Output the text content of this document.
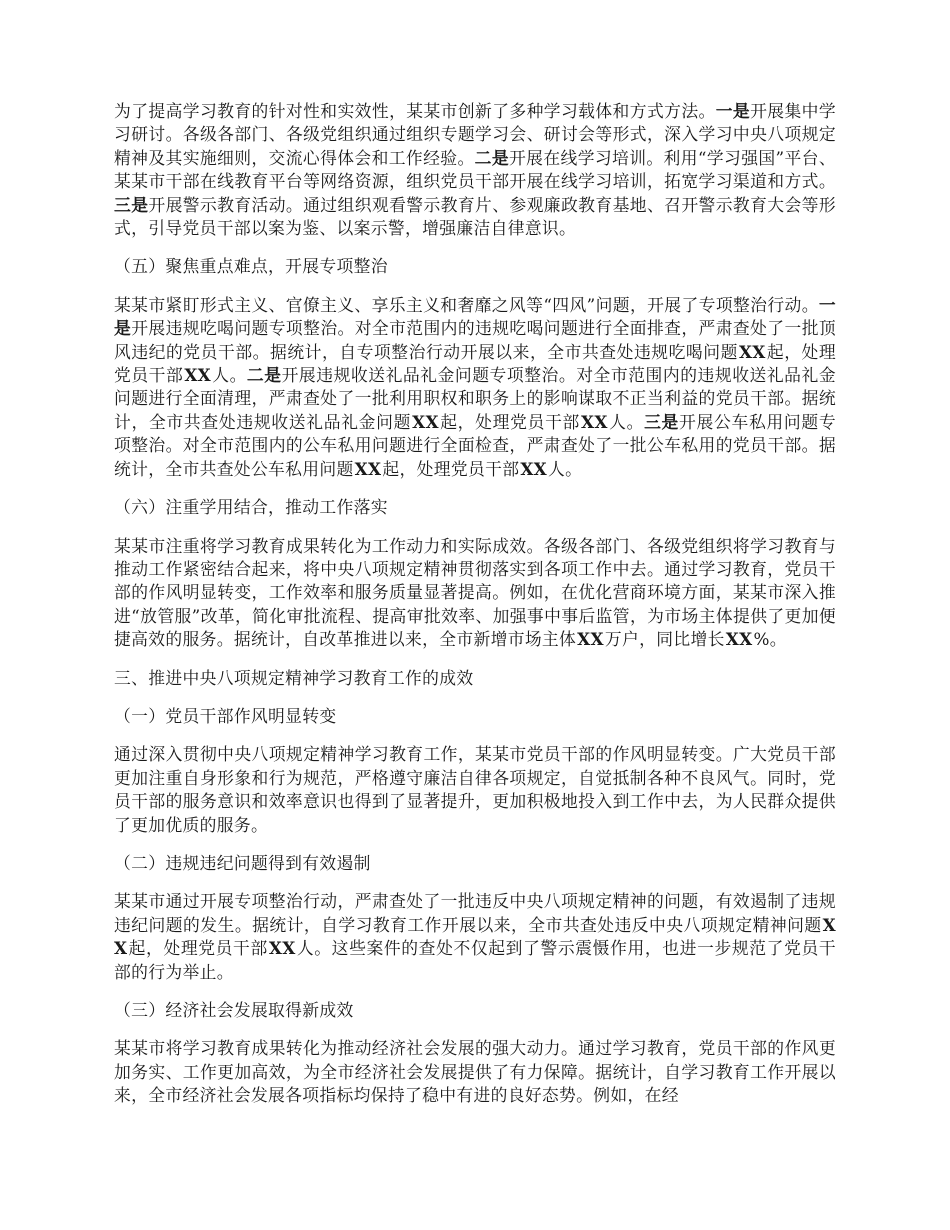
为了提高学习教育的针对性和实效性，某某市创新了多种学习载体和方式方法。一是开展集中学习研讨。各级各部门、各级党组织通过组织专题学习会、研讨会等形式，深入学习中央八项规定精神及其实施细则，交流心得体会和工作经验。二是开展在线学习培训。利用“学习强国”平台、某某市干部在线教育平台等网络资源，组织党员干部开展在线学习培训，拓宽学习渠道和方式。三是开展警示教育活动。通过组织观看警示教育片、参观廉政教育基地、召开警示教育大会等形式，引导党员干部以案为鉴、以案示警，增强廉洁自律意识。

（五）聚焦重点难点，开展专项整治

某某市紧盯形式主义、官僚主义、享乐主义和奢靡之风等“四风”问题，开展了专项整治行动。一是开展违规吃喝问题专项整治。对全市范围内的违规吃喝问题进行全面排查，严肃查处了一批顶风违纪的党员干部。据统计，自专项整治行动开展以来，全市共查处违规吃喝问题XX起，处理党员干部XX人。二是开展违规收送礼品礼金问题专项整治。对全市范围内的违规收送礼品礼金问题进行全面清理，严肃查处了一批利用职权和职务上的影响谋取不正当利益的党员干部。据统计，全市共查处违规收送礼品礼金问题XX起，处理党员干部XX人。三是开展公车私用问题专项整治。对全市范围内的公车私用问题进行全面检查，严肃查处了一批公车私用的党员干部。据统计，全市共查处公车私用问题XX起，处理党员干部XX人。

（六）注重学用结合，推动工作落实

某某市注重将学习教育成果转化为工作动力和实际成效。各级各部门、各级党组织将学习教育与推动工作紧密结合起来，将中央八项规定精神贯彻落实到各项工作中去。通过学习教育，党员干部的作风明显转变，工作效率和服务质量显著提高。例如，在优化营商环境方面，某某市深入推进“放管服”改革，简化审批流程、提高审批效率、加强事中事后监管，为市场主体提供了更加便捷高效的服务。据统计，自改革推进以来，全市新增市场主体XX万户，同比增长XX%。

三、推进中央八项规定精神学习教育工作的成效
（一）党员干部作风明显转变

通过深入贯彻中央八项规定精神学习教育工作，某某市党员干部的作风明显转变。广大党员干部更加注重自身形象和行为规范，严格遵守廉洁自律各项规定，自觉抵制各种不良风气。同时，党员干部的服务意识和效率意识也得到了显著提升，更加积极地投入到工作中去，为人民群众提供了更加优质的服务。

（二）违规违纪问题得到有效遏制

某某市通过开展专项整治行动，严肃查处了一批违反中央八项规定精神的问题，有效遏制了违规违纪问题的发生。据统计，自学习教育工作开展以来，全市共查处违反中央八项规定精神问题XX起，处理党员干部XX人。这些案件的查处不仅起到了警示震慑作用，也进一步规范了党员干部的行为举止。

（三）经济社会发展取得新成效

某某市将学习教育成果转化为推动经济社会发展的强大动力。通过学习教育，党员干部的作风更加务实、工作更加高效，为全市经济社会发展提供了有力保障。据统计，自学习教育工作开展以来，全市经济社会发展各项指标均保持了稳中有进的良好态势。例如，在经
